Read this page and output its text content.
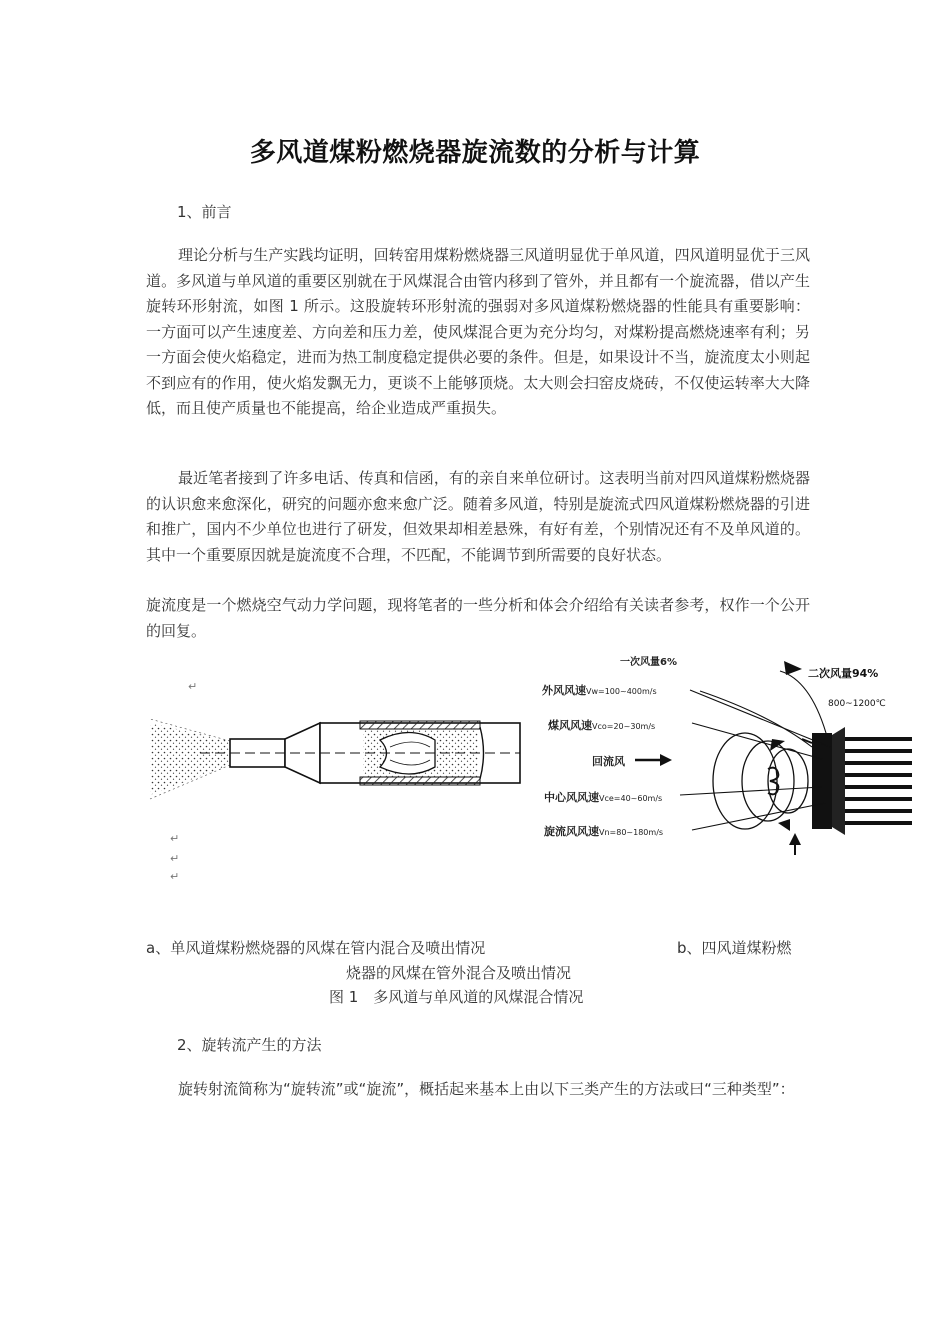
多风道煤粉燃烧器旋流数的分析与计算
1、前言

理论分析与生产实践均证明，回转窑用煤粉燃烧器三风道明显优于单风道，四风道明显优于三风道。多风道与单风道的重要区别就在于风煤混合由管内移到了管外，并且都有一个旋流器，借以产生旋转环形射流，如图 1 所示。这股旋转环形射流的强弱对多风道煤粉燃烧器的性能具有重要影响：一方面可以产生速度差、方向差和压力差，使风煤混合更为充分均匀，对煤粉提高燃烧速率有利；另一方面会使火焰稳定，进而为热工制度稳定提供必要的条件。但是，如果设计不当，旋流度太小则起不到应有的作用，使火焰发飘无力，更谈不上能够顶烧。太大则会扫窑皮烧砖，不仅使运转率大大降低，而且使产质量也不能提高，给企业造成严重损失。

最近笔者接到了许多电话、传真和信函，有的亲自来单位研讨。这表明当前对四风道煤粉燃烧器的认识愈来愈深化，研究的问题亦愈来愈广泛。随着多风道，特别是旋流式四风道煤粉燃烧器的引进和推广，国内不少单位也进行了研发，但效果却相差悬殊，有好有差，个别情况还有不及单风道的。其中一个重要原因就是旋流度不合理，不匹配，不能调节到所需要的良好状态。

旋流度是一个燃烧空气动力学问题，现将笔者的一些分析和体会介绍给有关读者参考，权作一个公开的回复。

↵
↵
↵
↵
一次风量6%
二次风量94%
800~1200℃
外风风速Vw=100~400m/s
煤风风速Vco=20~30m/s
回流风
中心风风速Vce=40~60m/s
旋流风风速Vn=80~180m/s
a、单风道煤粉燃烧器的风煤在管内混合及喷出情况	b、四风道煤粉燃
烧器的风煤在管外混合及喷出情况
图 1　多风道与单风道的风煤混合情况
2、旋转流产生的方法

旋转射流简称为“旋转流”或“旋流”，概括起来基本上由以下三类产生的方法或曰“三种类型”：
